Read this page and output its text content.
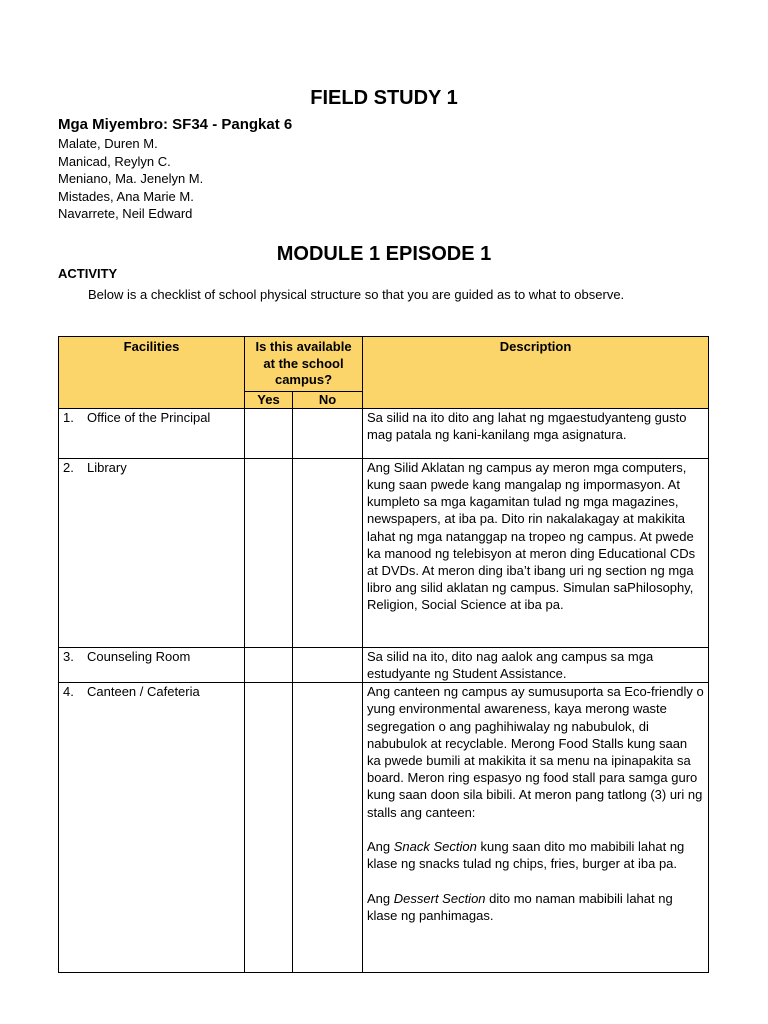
FIELD STUDY 1
Mga Miyembro: SF34 - Pangkat 6
Malate, Duren M.
Manicad, Reylyn C.
Meniano, Ma. Jenelyn M.
Mistades, Ana Marie M.
Navarrete, Neil Edward
MODULE 1 EPISODE 1
ACTIVITY
Below is a checklist of school physical structure so that you are guided as to what to observe.
Facilities	Is this available at the school campus?		Description
	Yes	No	
1. Office of the Principal			Sa silid na ito dito ang lahat ng mgaestudyanteng gusto mag patala ng kani-kanilang mga asignatura.

2. Library			Ang Silid Aklatan ng campus ay meron mga computers, kung saan pwede kang mangalap ng impormasyon. At kumpleto sa mga kagamitan tulad ng mga magazines, newspapers, at iba pa. Dito rin nakalakagay at makikita lahat ng mga natanggap na tropeo ng campus. At pwede ka manood ng telebisyon at meron ding Educational CDs at DVDs. At meron ding iba’t ibang uri ng section ng mga libro ang silid aklatan ng campus. Simulan saPhilosophy, Religion, Social Science at iba pa.

3. Counseling Room			Sa silid na ito, dito nag aalok ang campus sa mga estudyante ng Student Assistance.

4. Canteen / Cafeteria			Ang canteen ng campus ay sumusuporta sa Eco-friendly o yung environmental awareness, kaya merong waste segregation o ang paghihiwalay ng nabubulok, di nabubulok at recyclable. Merong Food Stalls kung saan ka pwede bumili at makikita it sa menu na ipinapakita sa board. Meron ring espasyo ng food stall para samga guro kung saan doon sila bibili. At meron pang tatlong (3) uri ng stalls ang canteen:

Ang Snack Section kung saan dito mo mabibili lahat ng klase ng snacks tulad ng chips, fries, burger at iba pa.

Ang Dessert Section dito mo naman mabibili lahat ng klase ng panhimagas.
